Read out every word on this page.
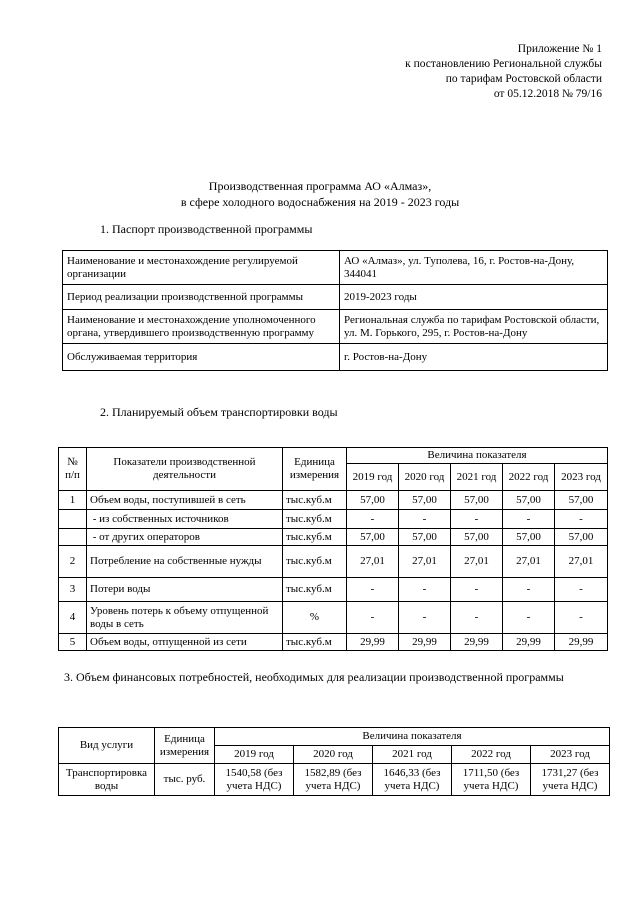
Приложение № 1
к постановлению Региональной службы
по тарифам Ростовской области
от 05.12.2018 № 79/16
Производственная программа АО «Алмаз»,
в сфере холодного водоснабжения на 2019 - 2023 годы
1. Паспорт производственной программы
Наименование и местонахождение регулируемой организации	АО «Алмаз», ул. Туполева, 16, г. Ростов-на-Дону, 344041
Период реализации производственной программы	2019-2023 годы
Наименование и местонахождение уполномоченного органа, утвердившего производственную программу	Региональная служба по тарифам Ростовской области, ул. М. Горького, 295, г. Ростов-на-Дону
Обслуживаемая территория	г. Ростов-на-Дону
2. Планируемый объем транспортировки воды
№ п/п	Показатели производственной деятельности	Единица измерения	Величина показателя				
			2019 год	2020 год	2021 год	2022 год	2023 год
1	Объем воды, поступившей в сеть	тыс.куб.м	57,00	57,00	57,00	57,00	57,00
	- из собственных источников	тыс.куб.м	-	-	-	-	-
	- от других операторов	тыс.куб.м	57,00	57,00	57,00	57,00	57,00
2	Потребление на собственные нужды	тыс.куб.м	27,01	27,01	27,01	27,01	27,01
3	Потери воды	тыс.куб.м	-	-	-	-	-
4	Уровень потерь к объему отпущенной воды в сеть	%	-	-	-	-	-
5	Объем воды, отпущенной из сети	тыс.куб.м	29,99	29,99	29,99	29,99	29,99
3. Объем финансовых потребностей, необходимых для реализации производственной программы
Вид услуги	Единица измерения	Величина показателя				
		2019 год	2020 год	2021 год	2022 год	2023 год
Транспортировка воды	тыс. руб.	1540,58 (без учета НДС)	1582,89 (без учета НДС)	1646,33 (без учета НДС)	1711,50 (без учета НДС)	1731,27 (без учета НДС)
